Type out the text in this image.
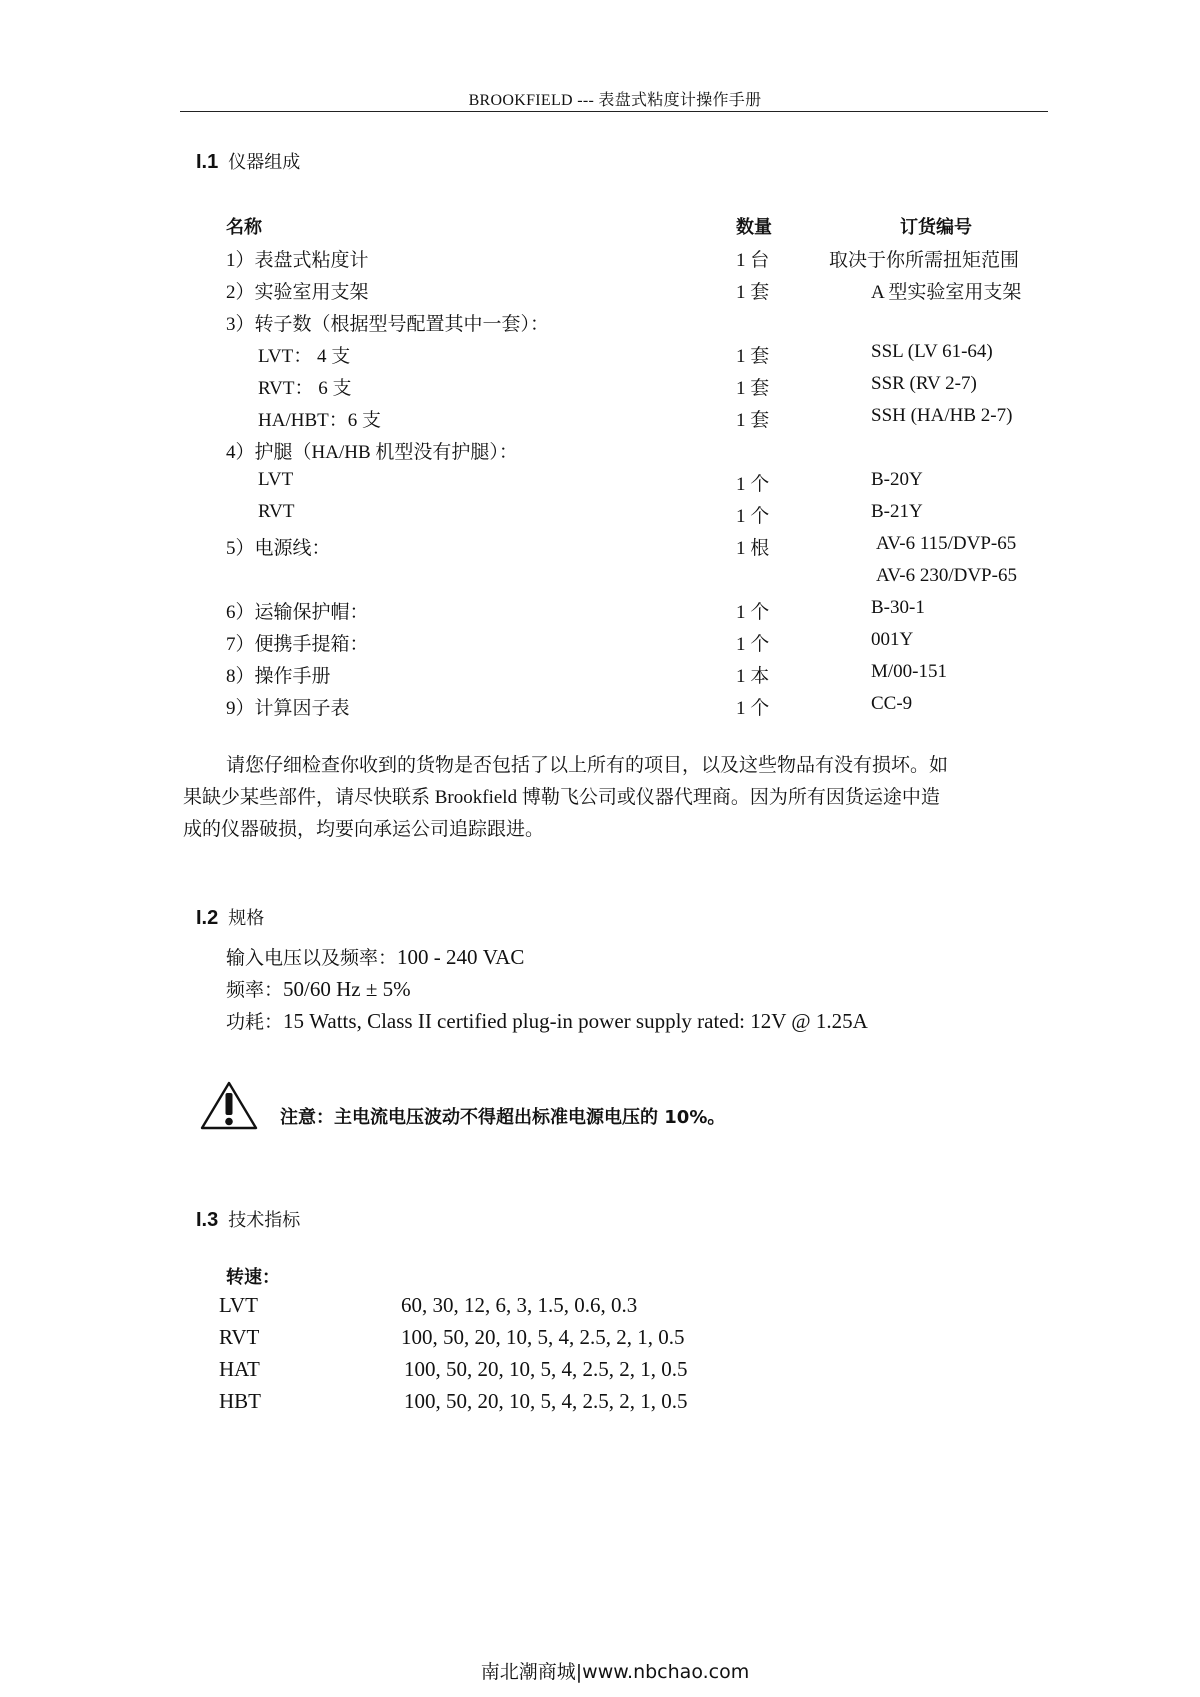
BROOKFIELD --- 表盘式粘度计操作手册
I.1 仪器组成
名称	数量	订货编号
1）表盘式粘度计	1 台	取决于你所需扭矩范围
2）实验室用支架	1 套	A 型实验室用支架
3）转子数（根据型号配置其中一套）：
LVT： 4 支	1 套	SSL (LV 61-64)
RVT： 6 支	1 套	SSR (RV 2-7)
HA/HBT：6 支	1 套	SSH (HA/HB 2-7)
4）护腿（HA/HB 机型没有护腿）：
LVT	1 个	B-20Y
RVT	1 个	B-21Y
5）电源线：	1 根	AV-6 115/DVP-65
AV-6 230/DVP-65
6）运输保护帽：	1 个	B-30-1
7）便携手提箱：	1 个	001Y
8）操作手册	1 本	M/00-151
9）计算因子表	1 个	CC-9
请您仔细检查你收到的货物是否包括了以上所有的项目，以及这些物品有没有损坏。如
果缺少某些部件，请尽快联系 Brookfield 博勒飞公司或仪器代理商。因为所有因货运途中造
成的仪器破损，均要向承运公司追踪跟进。
I.2 规格
输入电压以及频率：100 - 240 VAC
频率：50/60 Hz ± 5%
功耗：15 Watts, Class II certified plug-in power supply rated: 12V @ 1.25A
注意：主电流电压波动不得超出标准电源电压的 10%。
I.3 技术指标
转速：
LVT	60, 30, 12, 6, 3, 1.5, 0.6, 0.3
RVT	100, 50, 20, 10, 5, 4, 2.5, 2, 1, 0.5
HAT	100, 50, 20, 10, 5, 4, 2.5, 2, 1, 0.5
HBT	100, 50, 20, 10, 5, 4, 2.5, 2, 1, 0.5
南北潮商城|www.nbchao.com
